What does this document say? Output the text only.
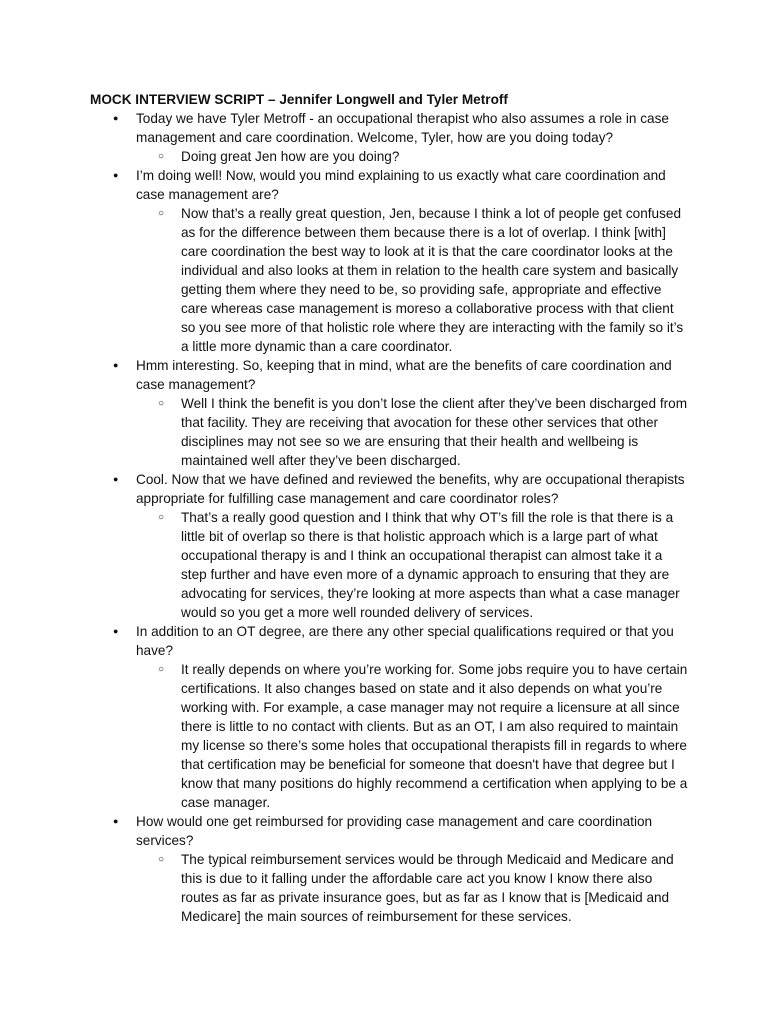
MOCK INTERVIEW SCRIPT – Jennifer Longwell and Tyler Metroff
● Today we have Tyler Metroff - an occupational therapist who also assumes a role in case management and care coordination. Welcome, Tyler, how are you doing today?
○ Doing great Jen how are you doing?
● I’m doing well! Now, would you mind explaining to us exactly what care coordination and case management are?
○ Now that’s a really great question, Jen, because I think a lot of people get confused as for the difference between them because there is a lot of overlap. I think [with] care coordination the best way to look at it is that the care coordinator looks at the individual and also looks at them in relation to the health care system and basically getting them where they need to be, so providing safe, appropriate and effective care whereas case management is moreso a collaborative process with that client so you see more of that holistic role where they are interacting with the family so it’s a little more dynamic than a care coordinator.
● Hmm interesting. So, keeping that in mind, what are the benefits of care coordination and case management?
○ Well I think the benefit is you don’t lose the client after they’ve been discharged from that facility. They are receiving that avocation for these other services that other disciplines may not see so we are ensuring that their health and wellbeing is maintained well after they’ve been discharged.
● Cool. Now that we have defined and reviewed the benefits, why are occupational therapists appropriate for fulfilling case management and care coordinator roles?
○ That’s a really good question and I think that why OT’s fill the role is that there is a little bit of overlap so there is that holistic approach which is a large part of what occupational therapy is and I think an occupational therapist can almost take it a step further and have even more of a dynamic approach to ensuring that they are advocating for services, they’re looking at more aspects than what a case manager would so you get a more well rounded delivery of services.
● In addition to an OT degree, are there any other special qualifications required or that you have?
○ It really depends on where you’re working for. Some jobs require you to have certain certifications. It also changes based on state and it also depends on what you’re working with. For example, a case manager may not require a licensure at all since there is little to no contact with clients. But as an OT, I am also required to maintain my license so there’s some holes that occupational therapists fill in regards to where that certification may be beneficial for someone that doesn't have that degree but I know that many positions do highly recommend a certification when applying to be a case manager.
● How would one get reimbursed for providing case management and care coordination services?
○ The typical reimbursement services would be through Medicaid and Medicare and this is due to it falling under the affordable care act you know I know there also routes as far as private insurance goes, but as far as I know that is [Medicaid and Medicare] the main sources of reimbursement for these services.
